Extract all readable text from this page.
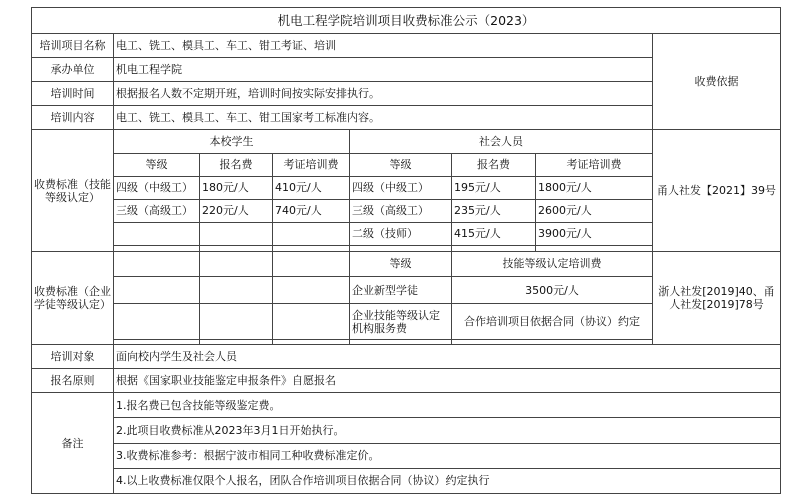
机电工程学院培训项目收费标准公示（2023）							
培训项目名称	电工、铣工、模具工、车工、钳工考证、培训						收费依据
承办单位	机电工程学院						
培训时间	根据报名人数不定期开班，培训时间按实际安排执行。						
培训内容	电工、铣工、模具工、车工、钳工国家考工标准内容。						
收费标准（技能等级认定）	本校学生			社会人员			甬人社发【2021】39号
	等级	报名费	考证培训费	等级	报名费	考证培训费	
	四级（中级工）	180元/人	410元/人	四级（中级工）	195元/人	1800元/人	
	三级（高级工）	220元/人	740元/人	三级（高级工）	235元/人	2600元/人	
				二级（技师）	415元/人	3900元/人	

收费标准（企业学徒等级认定）				等级	技能等级认定培训费		浙人社发[2019]40、甬人社发[2019]78号
				企业新型学徒	3500元/人		
				企业技能等级认定机构服务费	合作培训项目依据合同（协议）约定		

培训对象	面向校内学生及社会人员						
报名原则	根据《国家职业技能鉴定申报条件》自愿报名						
备注	1.报名费已包含技能等级鉴定费。						
	2.此项目收费标准从2023年3月1日开始执行。						
	3.收费标准参考：根据宁波市相同工种收费标准定价。						
	4.以上收费标准仅限个人报名，团队合作培训项目依据合同（协议）约定执行						
